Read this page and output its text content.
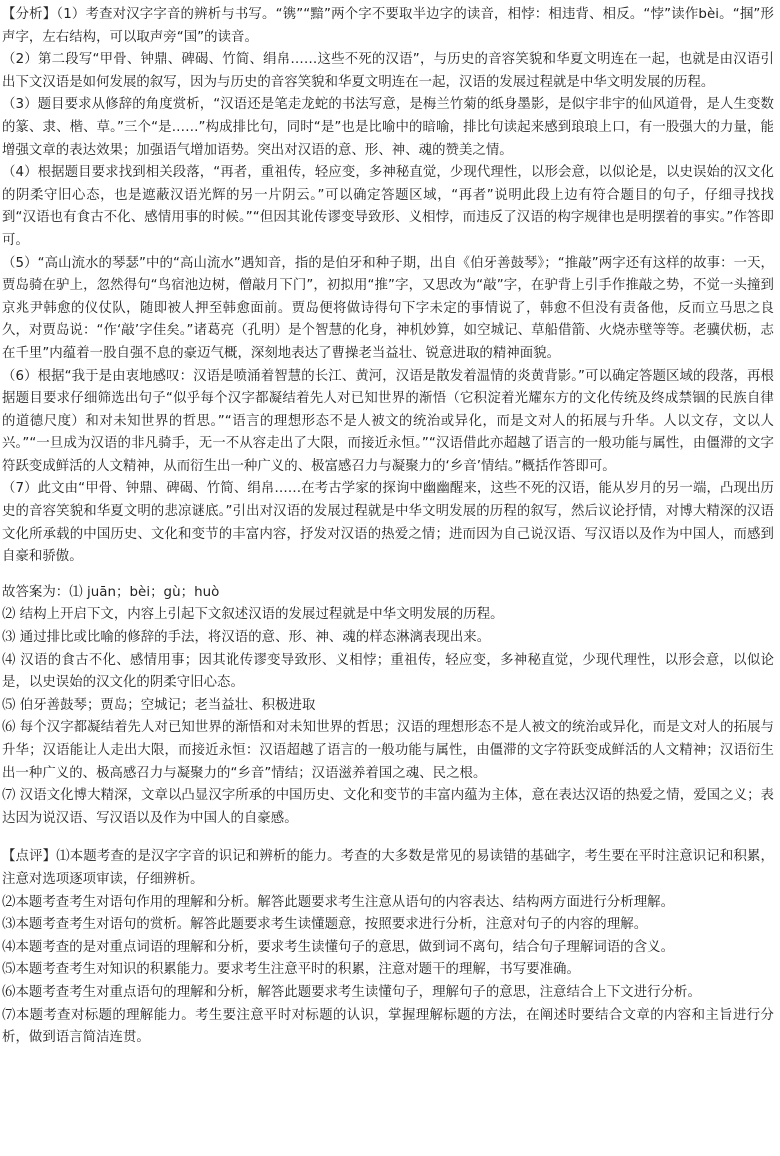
【分析】（1）考查对汉字字音的辨析与书写。“镌”“黯”两个字不要取半边字的读音，相悖：相违背、相反。“悖”读作bèi。“掴”形声字，左右结构，可以取声旁“国”的读音。

（2）第二段写“甲骨、钟鼎、碑碣、竹简、绢帛……这些不死的汉语”，与历史的音容笑貌和华夏文明连在一起，也就是由汉语引出下文汉语是如何发展的叙写，因为与历史的音容笑貌和华夏文明连在一起，汉语的发展过程就是中华文明发展的历程。

（3）题目要求从修辞的角度赏析，“汉语还是笔走龙蛇的书法写意，是梅兰竹菊的纸身墨影，是似宇非宇的仙风道骨，是人生变数的篆、隶、楷、草。”三个“是……”构成排比句，同时“是”也是比喻中的暗喻，排比句读起来感到琅琅上口，有一股强大的力量，能增强文章的表达效果；加强语气增加语势。突出对汉语的意、形、神、魂的赞美之情。

（4）根据题目要求找到相关段落，“再者，重祖传，轻应变，多神秘直觉，少现代理性，以形会意，以似论是，以史误始的汉文化的阴柔守旧心态，也是遮蔽汉语光辉的另一片阴云。”可以确定答题区域，“再者”说明此段上边有符合题目的句子，仔细寻找找到“汉语也有食古不化、感情用事的时候。”“但因其讹传谬变导致形、义相悖，而违反了汉语的构字规律也是明摆着的事实。”作答即可。

（5）“高山流水的琴瑟”中的“高山流水”遇知音，指的是伯牙和种子期，出自《伯牙善鼓琴》；“推敲”两字还有这样的故事：一天，贾岛骑在驴上，忽然得句“鸟宿池边树，僧敲月下门”，初拟用“推”字，又思改为“敲”字，在驴背上引手作推敲之势，不觉一头撞到京兆尹韩愈的仪仗队，随即被人押至韩愈面前。贾岛便将做诗得句下字未定的事情说了，韩愈不但没有责备他，反而立马思之良久，对贾岛说：“作‘敲’字佳矣。”诸葛亮（孔明）是个智慧的化身，神机妙算，如空城记、草船借箭、火烧赤壁等等。老骥伏枥，志在千里”内蕴着一股自强不息的豪迈气概，深刻地表达了曹操老当益壮、锐意进取的精神面貌。

（6）根据“我于是由衷地感叹：汉语是喷涌着智慧的长江、黄河，汉语是散发着温情的炎黄背影。”可以确定答题区域的段落，再根据题目要求仔细筛选出句子“似乎每个汉字都凝结着先人对已知世界的渐悟（它积淀着光耀东方的文化传统及终成禁锢的民族自律的道德尺度）和对未知世界的哲思。”“语言的理想形态不是人被文的统治或异化，而是文对人的拓展与升华。人以文存，文以人兴。”“一旦成为汉语的非凡骑手，无一不从容走出了大限，而接近永恒。”“汉语借此亦超越了语言的一般功能与属性，由僵滞的文字符跃变成鲜活的人文精神，从而衍生出一种广义的、极富感召力与凝聚力的‘乡音’情结。”概括作答即可。

（7）此文由“甲骨、钟鼎、碑碣、竹简、绢帛……在考古学家的探询中幽幽醒来，这些不死的汉语，能从岁月的另一端，凸现出历史的音容笑貌和华夏文明的悲凉谜底。”引出对汉语的发展过程就是中华文明发展的历程的叙写，然后议论抒情，对博大精深的汉语文化所承载的中国历史、文化和变节的丰富内容，抒发对汉语的热爱之情；进而因为自己说汉语、写汉语以及作为中国人，而感到自豪和骄傲。

故答案为：⑴ juān；bèi；gù；huò

⑵ 结构上开启下文，内容上引起下文叙述汉语的发展过程就是中华文明发展的历程。

⑶ 通过排比或比喻的修辞的手法，将汉语的意、形、神、魂的样态淋漓表现出来。

⑷ 汉语的食古不化、感情用事；因其讹传谬变导致形、义相悖；重祖传，轻应变，多神秘直觉，少现代理性，以形会意，以似论是，以史误始的汉文化的阴柔守旧心态。

⑸ 伯牙善鼓琴；贾岛；空城记；老当益壮、积极进取

⑹ 每个汉字都凝结着先人对已知世界的渐悟和对未知世界的哲思；汉语的理想形态不是人被文的统治或异化，而是文对人的拓展与升华；汉语能让人走出大限，而接近永恒：汉语超越了语言的一般功能与属性，由僵滞的文字符跃变成鲜活的人文精神；汉语衍生出一种广义的、极高感召力与凝聚力的“乡音”情结；汉语滋养着国之魂、民之根。

⑺ 汉语文化博大精深，文章以凸显汉字所承的中国历史、文化和变节的丰富内蕴为主体，意在表达汉语的热爱之情，爱国之义；表达因为说汉语、写汉语以及作为中国人的自豪感。

【点评】⑴本题考查的是汉字字音的识记和辨析的能力。考查的大多数是常见的易读错的基础字，考生要在平时注意识记和积累，注意对选项逐项审读，仔细辨析。

⑵本题考查考生对语句作用的理解和分析。解答此题要求考生注意从语句的内容表达、结构两方面进行分析理解。

⑶本题考查考生对语句的赏析。解答此题要求考生读懂题意，按照要求进行分析，注意对句子的内容的理解。

⑷本题考查的是对重点词语的理解和分析，要求考生读懂句子的意思，做到词不离句，结合句子理解词语的含义。

⑸本题考查考生对知识的积累能力。要求考生注意平时的积累，注意对题干的理解，书写要准确。

⑹本题考查考生对重点语句的理解和分析，解答此题要求考生读懂句子，理解句子的意思，注意结合上下文进行分析。

⑺本题考查对标题的理解能力。考生要注意平时对标题的认识，掌握理解标题的方法，在阐述时要结合文章的内容和主旨进行分析，做到语言简洁连贯。
